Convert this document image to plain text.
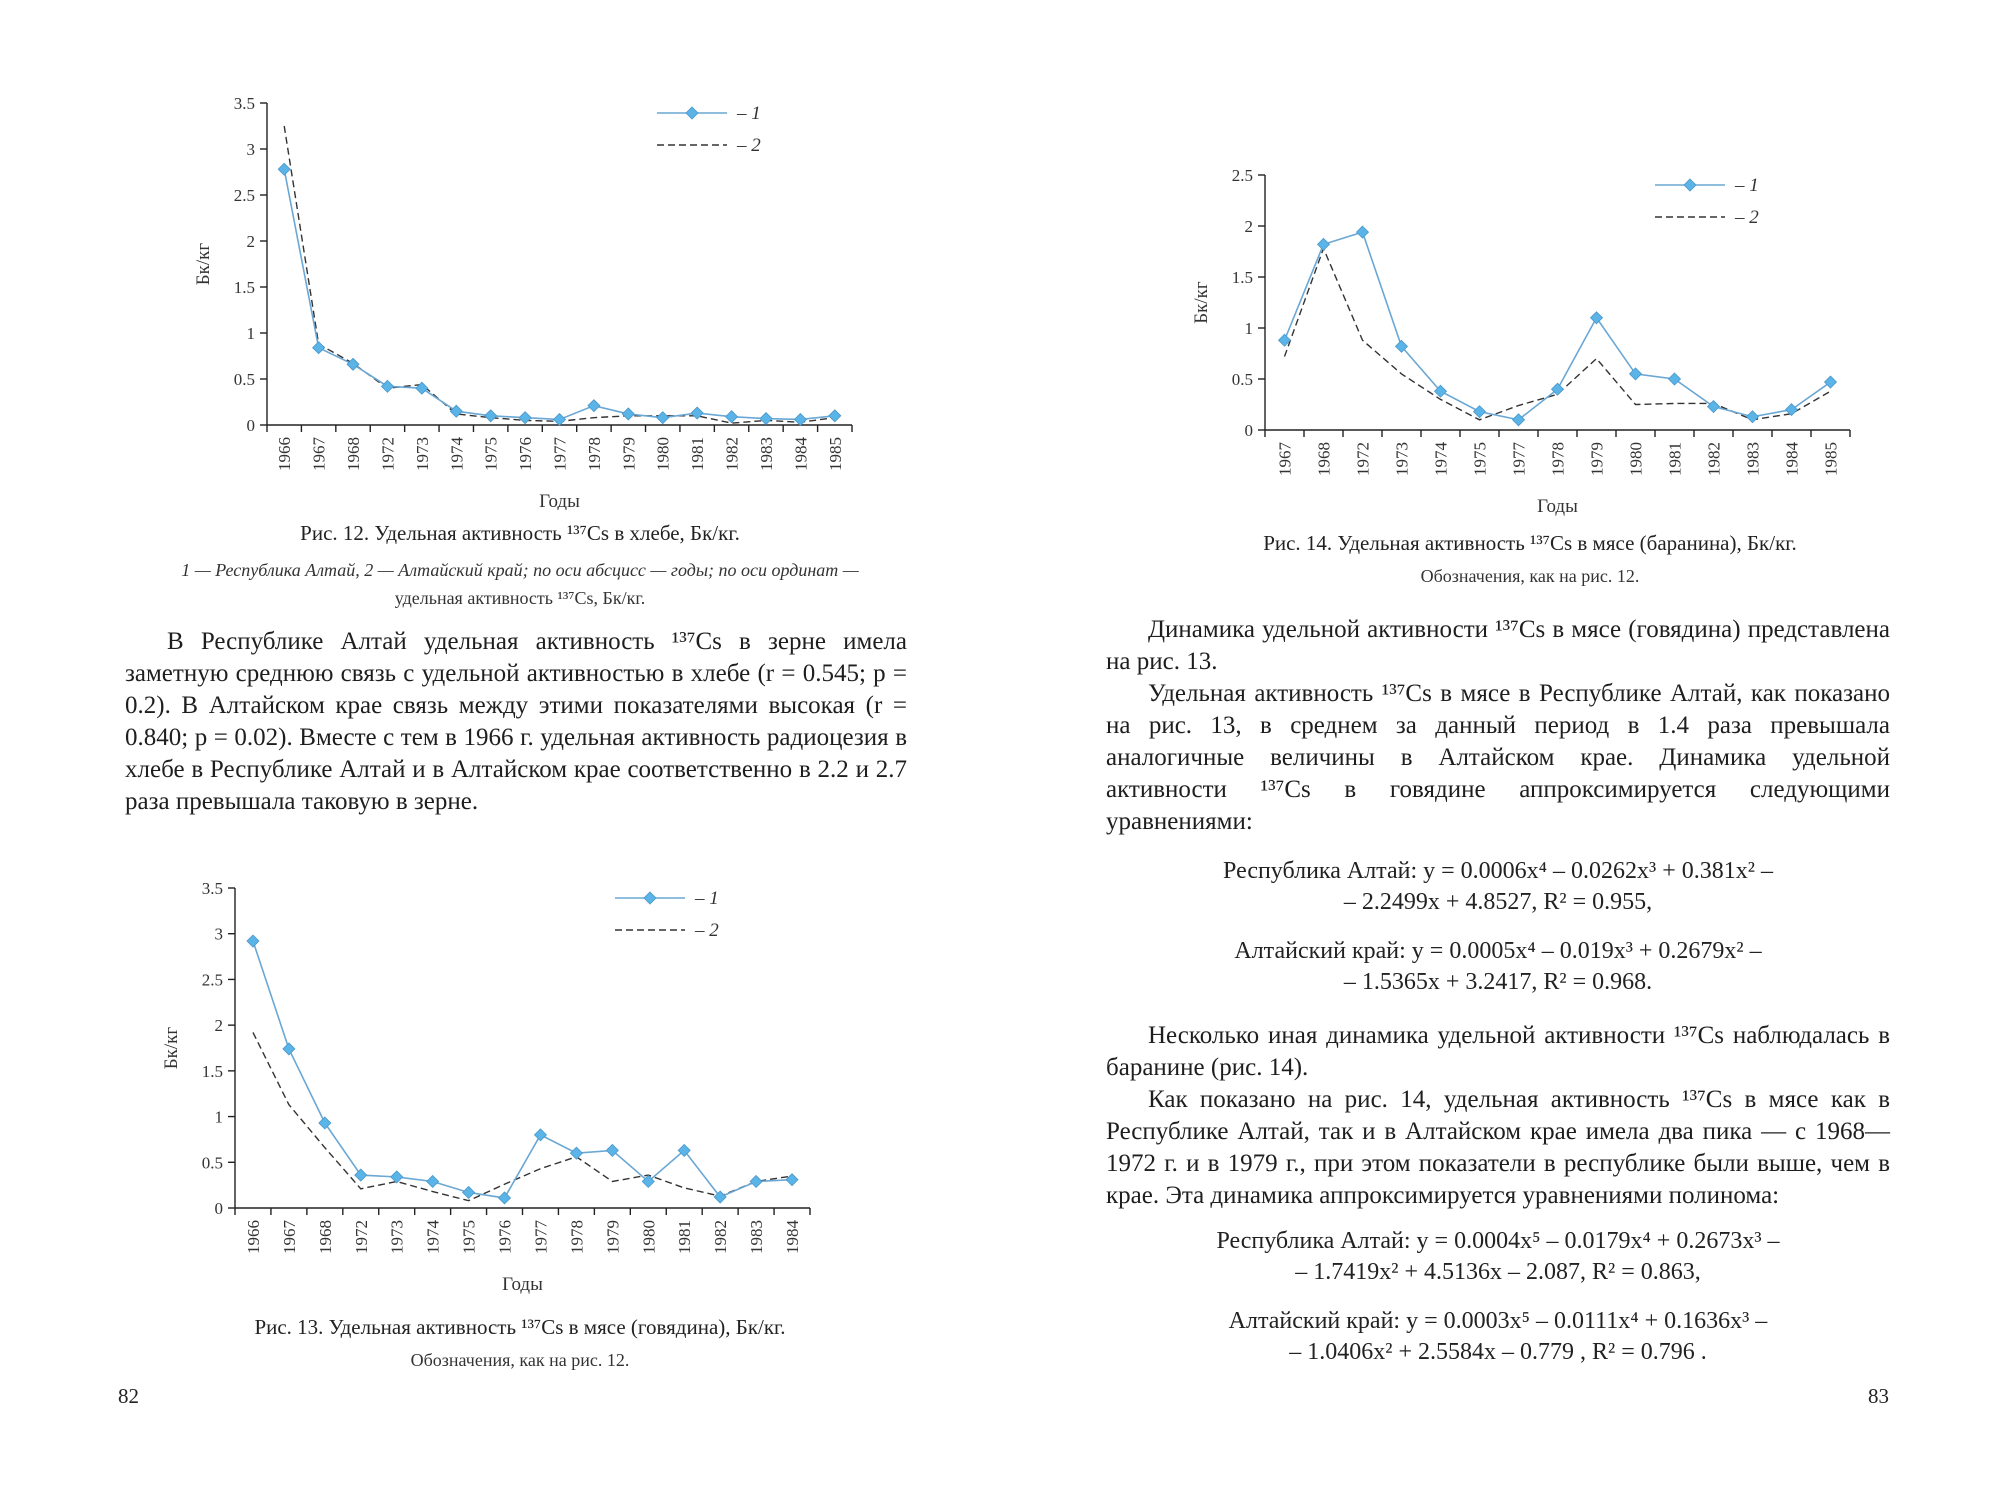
0
0.5
1
1.5
2
2.5
3
3.5
1966 1967 1968 1972 1973 1974 1975 1976 1977 1978 1979 1980 1981 1982 1983 1984 1985
Годы
Бк/кг
– 1
– 2
Рис. 12. Удельная активность ¹³⁷Cs в хлебе, Бк/кг.
1 — Республика Алтай, 2 — Алтайский край; по оси абсцисс — годы; по оси ординат —
удельная активность ¹³⁷Cs, Бк/кг.

В Республике Алтай удельная активность ¹³⁷Cs в зерне имела заметную среднюю связь с удельной активностью в хлебе (r = 0.545; p = 0.2). В Алтайском крае связь между этими показателями высокая (r = 0.840; p = 0.02). Вместе с тем в 1966 г. удельная активность радиоцезия в хлебе в Республике Алтай и в Алтайском крае соответственно в 2.2 и 2.7 раза превышала таковую в зерне.

0
0.5
1
1.5
2
2.5
3
3.5
1966 1967 1968 1972 1973 1974 1975 1976 1977 1978 1979 1980 1981 1982 1983 1984
Годы
Бк/кг
– 1
– 2
Рис. 13. Удельная активность ¹³⁷Cs в мясе (говядина), Бк/кг.
Обозначения, как на рис. 12.
82
0
0.5
1
1.5
2
2.5
1967 1968 1972 1973 1974 1975 1977 1978 1979 1980 1981 1982 1983 1984 1985
Годы
Бк/кг
– 1
– 2
Рис. 14. Удельная активность ¹³⁷Cs в мясе (баранина), Бк/кг.
Обозначения, как на рис. 12.

Динамика удельной активности ¹³⁷Cs в мясе (говядина) представлена на рис. 13.

Удельная активность ¹³⁷Cs в мясе в Республике Алтай, как показано на рис. 13, в среднем за данный период в 1.4 раза превышала аналогичные величины в Алтайском крае. Динамика удельной активности ¹³⁷Cs в говядине аппроксимируется следующими уравнениями:

Республика Алтай: y = 0.0006x⁴ – 0.0262x³ + 0.381x² –
– 2.2499x + 4.8527, R² = 0.955,
Алтайский край: y = 0.0005x⁴ – 0.019x³ + 0.2679x² –
– 1.5365x + 3.2417, R² = 0.968.

Несколько иная динамика удельной активности ¹³⁷Cs наблюдалась в баранине (рис. 14).

Как показано на рис. 14, удельная активность ¹³⁷Cs в мясе как в Республике Алтай, так и в Алтайском крае имела два пика — с 1968—1972 г. и в 1979 г., при этом показатели в республике были выше, чем в крае. Эта динамика аппроксимируется уравнениями полинома:

Республика Алтай: y = 0.0004x⁵ – 0.0179x⁴ + 0.2673x³ –
– 1.7419x² + 4.5136x – 2.087, R² = 0.863,
Алтайский край: y = 0.0003x⁵ – 0.0111x⁴ + 0.1636x³ –
– 1.0406x² + 2.5584x – 0.779 , R² = 0.796 .
83
